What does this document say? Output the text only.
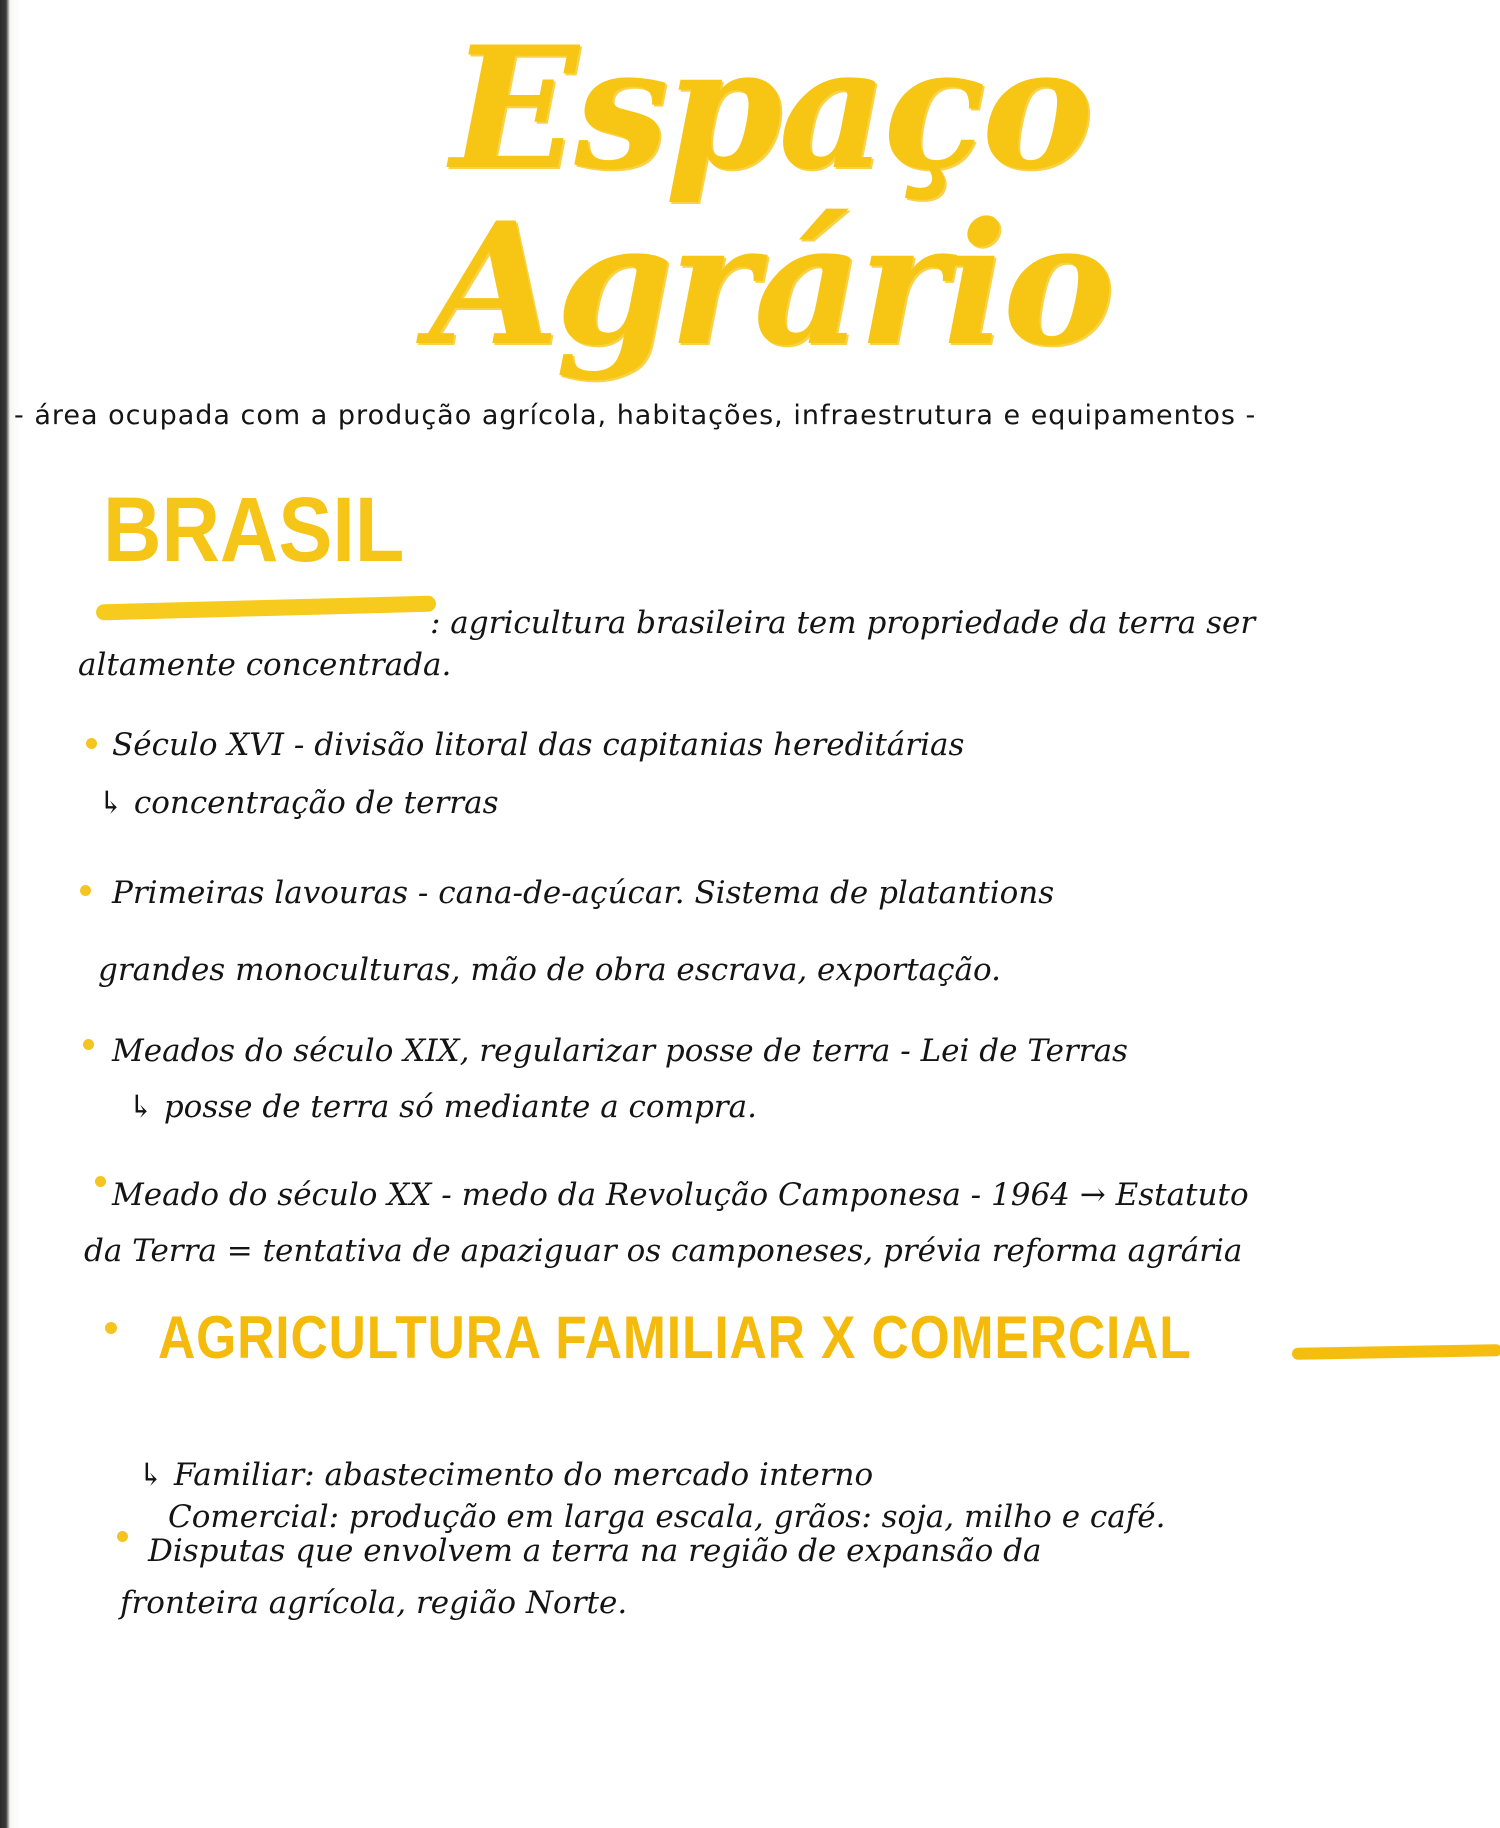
Espaço Agrário
- área ocupada com a produção agrícola, habitações, infraestrutura e equipamentos -
BRASIL
: agricultura brasileira tem propriedade da terra ser
altamente concentrada.
Século XVI - divisão litoral das capitanias hereditárias
↳ concentração de terras
Primeiras lavouras - cana-de-açúcar. Sistema de platantions
grandes monoculturas, mão de obra escrava, exportação.
Meados do século XIX, regularizar posse de terra - Lei de Terras
↳ posse de terra só mediante a compra.
Meado do século XX - medo da Revolução Camponesa - 1964 → Estatuto
da Terra = tentativa de apaziguar os camponeses, prévia reforma agrária
AGRICULTURA FAMILIAR X COMERCIAL
↳ Familiar: abastecimento do mercado interno
Comercial: produção em larga escala, grãos: soja, milho e café.
Disputas que envolvem a terra na região de expansão da
fronteira agrícola, região Norte.
